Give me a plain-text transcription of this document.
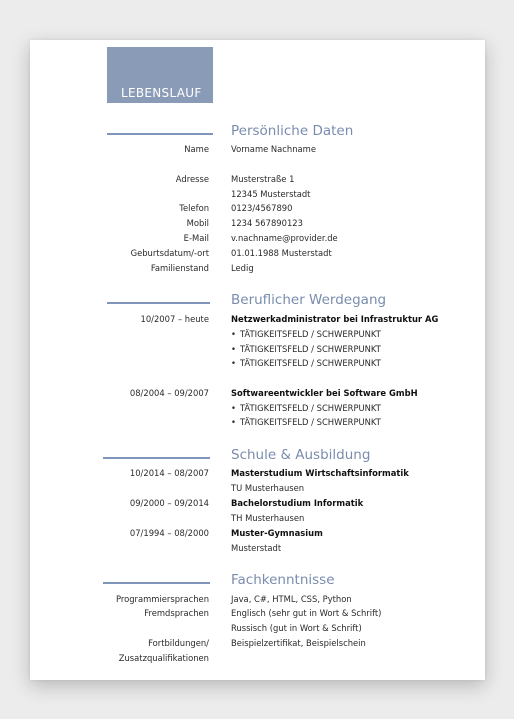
LEBENSLAUF
Persönliche Daten
Name	Vorname Nachname
Adresse	Musterstraße 1
12345 Musterstadt
Telefon	0123/4567890
Mobil	1234 567890123
E-Mail	v.nachname@provider.de
Geburtsdatum/-ort	01.01.1988 Musterstadt
Familienstand	Ledig
Beruflicher Werdegang
10/2007 – heute	Netzwerkadministrator bei Infrastruktur AG
• TÄTIGKEITSFELD / SCHWERPUNKT
• TÄTIGKEITSFELD / SCHWERPUNKT
• TÄTIGKEITSFELD / SCHWERPUNKT
08/2004 – 09/2007	Softwareentwickler bei Software GmbH
• TÄTIGKEITSFELD / SCHWERPUNKT
• TÄTIGKEITSFELD / SCHWERPUNKT
Schule & Ausbildung
10/2014 – 08/2007	Masterstudium Wirtschaftsinformatik
TU Musterhausen
09/2000 – 09/2014	Bachelorstudium Informatik
TH Musterhausen
07/1994 – 08/2000	Muster-Gymnasium
Musterstadt
Fachkenntnisse
Programmiersprachen	Java, C#, HTML, CSS, Python
Fremdsprachen	Englisch (sehr gut in Wort & Schrift)
Russisch (gut in Wort & Schrift)
Fortbildungen/	Beispielzertifikat, Beispielschein
Zusatzqualifikationen
